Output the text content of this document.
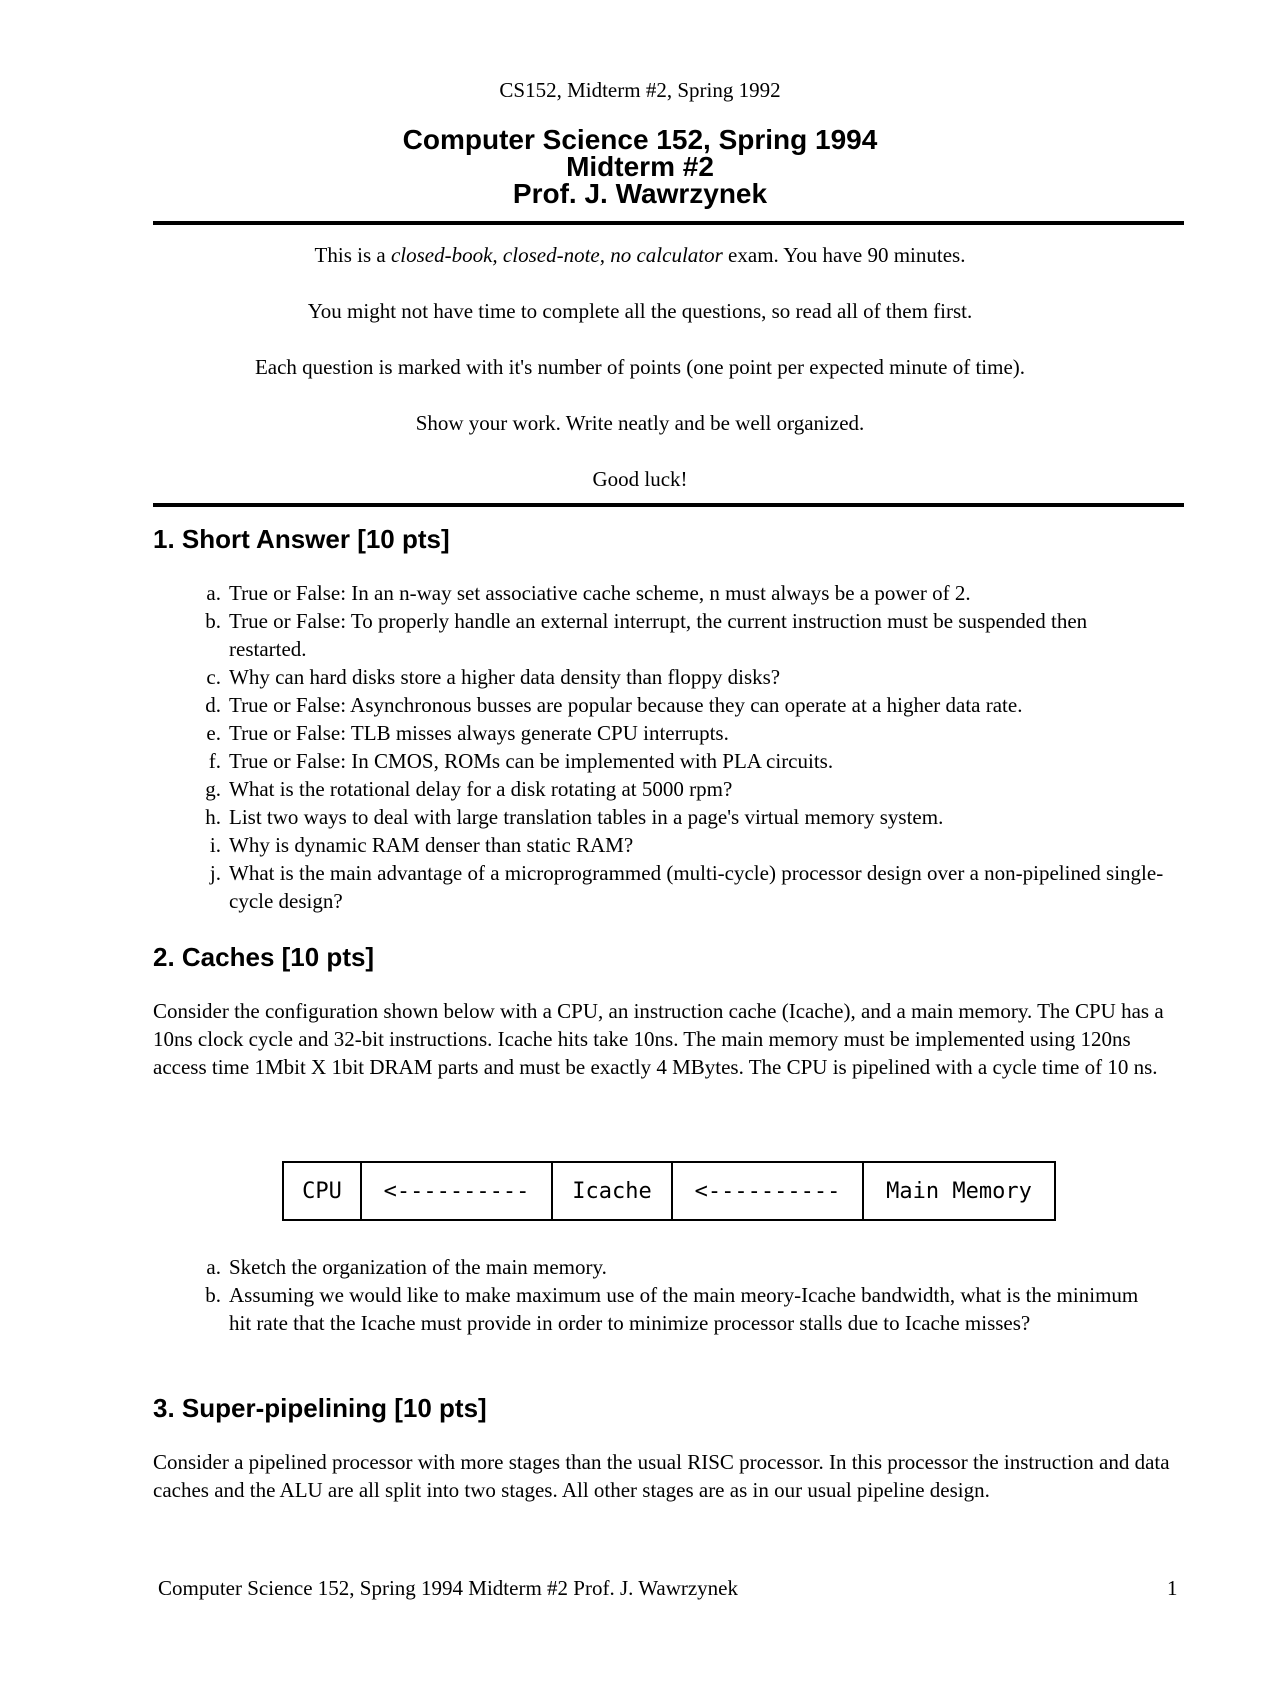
CS152, Midterm #2, Spring 1992
Computer Science 152, Spring 1994
Midterm #2
Prof. J. Wawrzynek

This is a closed-book, closed-note, no calculator exam. You have 90 minutes.

You might not have time to complete all the questions, so read all of them first.

Each question is marked with it's number of points (one point per expected minute of time).

Show your work. Write neatly and be well organized.

Good luck!

1. Short Answer [10 pts]
a. True or False: In an n-way set associative cache scheme, n must always be a power of 2.
b. True or False: To properly handle an external interrupt, the current instruction must be suspended then restarted.
c. Why can hard disks store a higher data density than floppy disks?
d. True or False: Asynchronous busses are popular because they can operate at a higher data rate.
e. True or False: TLB misses always generate CPU interrupts.
f. True or False: In CMOS, ROMs can be implemented with PLA circuits.
g. What is the rotational delay for a disk rotating at 5000 rpm?
h. List two ways to deal with large translation tables in a page's virtual memory system.
i. Why is dynamic RAM denser than static RAM?
j. What is the main advantage of a microprogrammed (multi-cycle) processor design over a non-pipelined single-cycle design?
2. Caches [10 pts]

Consider the configuration shown below with a CPU, an instruction cache (Icache), and a main memory. The CPU has a 10ns clock cycle and 32-bit instructions. Icache hits take 10ns. The main memory must be implemented using 120ns access time 1Mbit X 1bit DRAM parts and must be exactly 4 MBytes. The CPU is pipelined with a cycle time of 10 ns.

CPU	<----------	Icache	<----------	Main Memory
a. Sketch the organization of the main memory.
b. Assuming we would like to make maximum use of the main meory-Icache bandwidth, what is the minimum hit rate that the Icache must provide in order to minimize processor stalls due to Icache misses?
3. Super-pipelining [10 pts]

Consider a pipelined processor with more stages than the usual RISC processor. In this processor the instruction and data caches and the ALU are all split into two stages. All other stages are as in our usual pipeline design.

Computer Science 152, Spring 1994 Midterm #2 Prof. J. Wawrzynek	1
